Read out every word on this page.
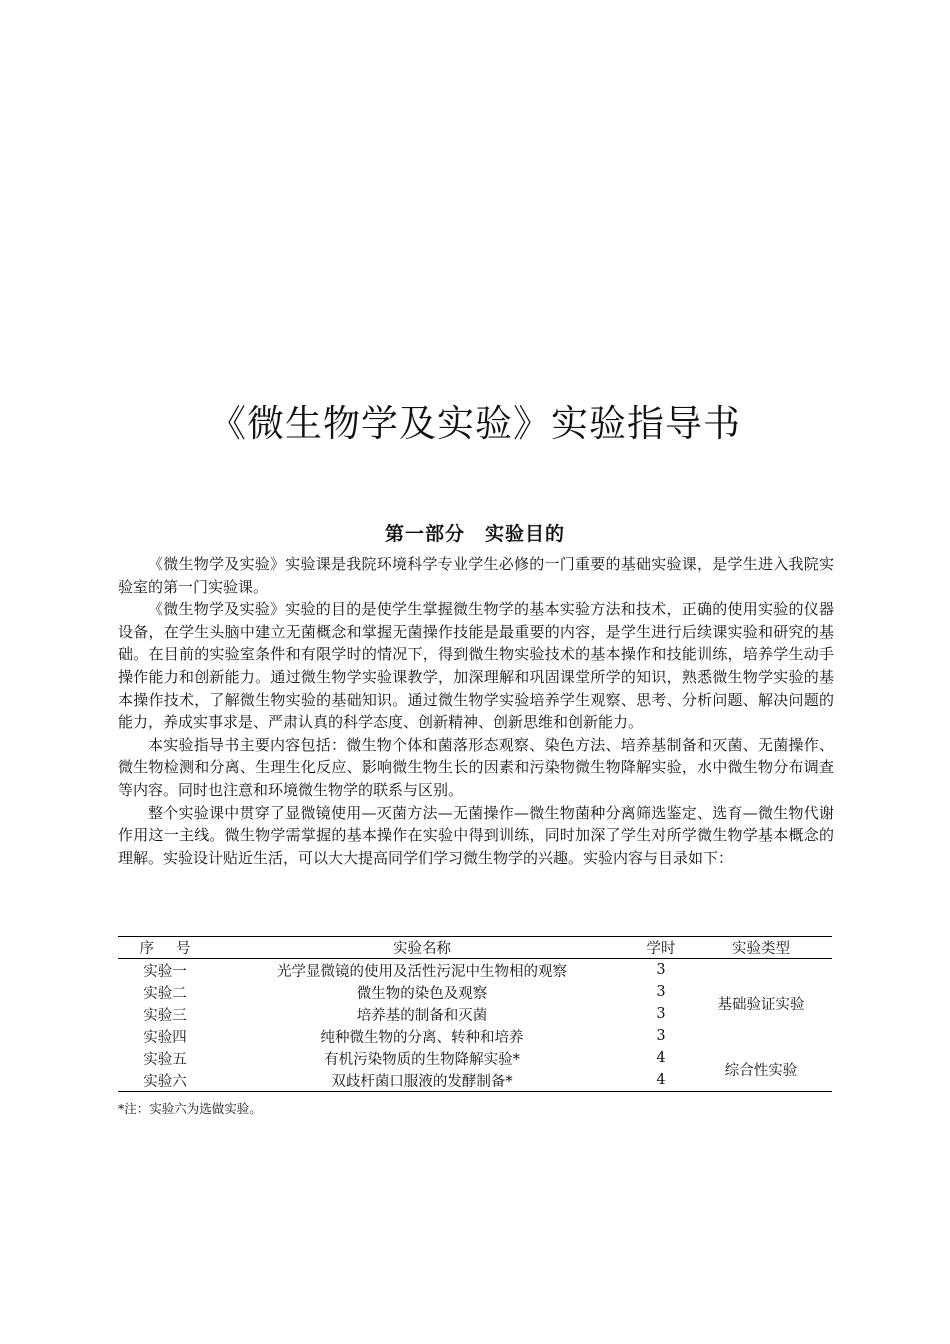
《微生物学及实验》实验指导书
第一部分　实验目的

《微生物学及实验》实验课是我院环境科学专业学生必修的一门重要的基础实验课，是学生进入我院实验室的第一门实验课。

《微生物学及实验》实验的目的是使学生掌握微生物学的基本实验方法和技术，正确的使用实验的仪器设备，在学生头脑中建立无菌概念和掌握无菌操作技能是最重要的内容，是学生进行后续课实验和研究的基础。在目前的实验室条件和有限学时的情况下，得到微生物实验技术的基本操作和技能训练，培养学生动手操作能力和创新能力。通过微生物学实验课教学，加深理解和巩固课堂所学的知识，熟悉微生物学实验的基本操作技术，了解微生物实验的基础知识。通过微生物学实验培养学生观察、思考、分析问题、解决问题的能力，养成实事求是、严肃认真的科学态度、创新精神、创新思维和创新能力。

本实验指导书主要内容包括：微生物个体和菌落形态观察、染色方法、培养基制备和灭菌、无菌操作、微生物检测和分离、生理生化反应、影响微生物生长的因素和污染物微生物降解实验，水中微生物分布调查等内容。同时也注意和环境微生物学的联系与区别。

整个实验课中贯穿了显微镜使用—灭菌方法—无菌操作—微生物菌种分离筛选鉴定、选育—微生物代谢作用这一主线。微生物学需掌握的基本操作在实验中得到训练，同时加深了学生对所学微生物学基本概念的理解。实验设计贴近生活，可以大大提高同学们学习微生物学的兴趣。实验内容与目录如下：

序 号	实验名称	学时	实验类型
实验一	光学显微镜的使用及活性污泥中生物相的观察	3	基础验证实验
实验二	微生物的染色及观察	3	
实验三	培养基的制备和灭菌	3	
实验四	纯种微生物的分离、转种和培养	3	
实验五	有机污染物质的生物降解实验*	4	综合性实验
实验六	双歧杆菌口服液的发酵制备*	4	
*注：实验六为选做实验。
